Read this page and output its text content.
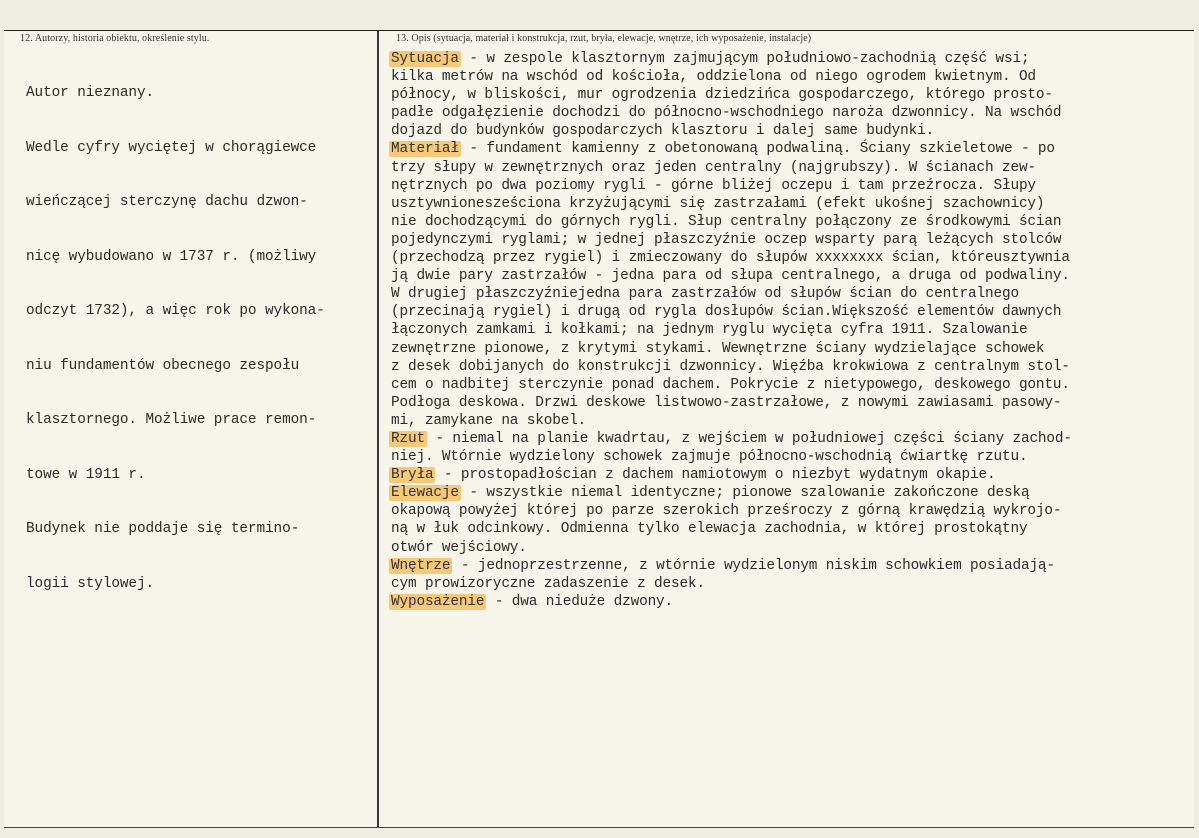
12. Autorzy, historia obiektu, określenie stylu.	13. Opis (sytuacja, materiał i konstrukcja, rzut, bryła, elewacje, wnętrze, ich wyposażenie, instalacje)

Autor nieznany.

Wedle cyfry wyciętej w chorągiewce

wieńczącej sterczynę dachu dzwon-

nicę wybudowano w 1737 r. (możliwy

odczyt 1732), a więc rok po wykona-

niu fundamentów obecnego zespołu

klasztornego. Możliwe prace remon-

towe w 1911 r.

Budynek nie poddaje się termino-

logii stylowej.

Sytuacja - w zespole klasztornym zajmującym południowo-zachodnią część wsi;
kilka metrów na wschód od kościoła, oddzielona od niego ogrodem kwietnym. Od
północy, w bliskości, mur ogrodzenia dziedzińca gospodarczego, którego prosto-
padłe odgałęzienie dochodzi do północno-wschodniego naroża dzwonnicy. Na wschód
dojazd do budynków gospodarczych klasztoru i dalej same budynki.
Materiał - fundament kamienny z obetonowaną podwaliną. Ściany szkieletowe - po
trzy słupy w zewnętrznych oraz jeden centralny (najgrubszy). W ścianach zew-
nętrznych po dwa poziomy rygli - górne bliżej oczepu i tam przeźrocza. Słupy
usztywnionesześciona krzyżującymi się zastrzałami (efekt ukośnej szachownicy)
nie dochodzącymi do górnych rygli. Słup centralny połączony ze środkowymi ścian
pojedynczymi ryglami; w jednej płaszczyźnie oczep wsparty parą leżących stolców
(przechodzą przez rygiel) i zmieczowany do słupów xxxxxxxx ścian, któreusztywnia
ją dwie pary zastrzałów - jedna para od słupa centralnego, a druga od podwaliny.
W drugiej płaszczyźniejedna para zastrzałów od słupów ścian do centralnego
(przecinają rygiel) i drugą od rygla dosłupów ścian.Większość elementów dawnych
łączonych zamkami i kołkami; na jednym ryglu wycięta cyfra 1911. Szalowanie
zewnętrzne pionowe, z krytymi stykami. Wewnętrzne ściany wydzielające schowek
z desek dobijanych do konstrukcji dzwonnicy. Więźba krokwiowa z centralnym stol-
cem o nadbitej sterczynie ponad dachem. Pokrycie z nietypowego, deskowego gontu.
Podłoga deskowa. Drzwi deskowe listwowo-zastrzałowe, z nowymi zawiasami pasowy-
mi, zamykane na skobel.
Rzut - niemal na planie kwadrtau, z wejściem w południowej części ściany zachod-
niej. Wtórnie wydzielony schowek zajmuje północno-wschodnią ćwiartkę rzutu.
Bryła - prostopadłościan z dachem namiotowym o niezbyt wydatnym okapie.
Elewacje - wszystkie niemal identyczne; pionowe szalowanie zakończone deską
okapową powyżej której po parze szerokich prześroczy z górną krawędzią wykrojo-
ną w łuk odcinkowy. Odmienna tylko elewacja zachodnia, w której prostokątny
otwór wejściowy.
Wnętrze - jednoprzestrzenne, z wtórnie wydzielonym niskim schowkiem posiadają-
cym prowizoryczne zadaszenie z desek.
Wyposażenie - dwa nieduże dzwony.
